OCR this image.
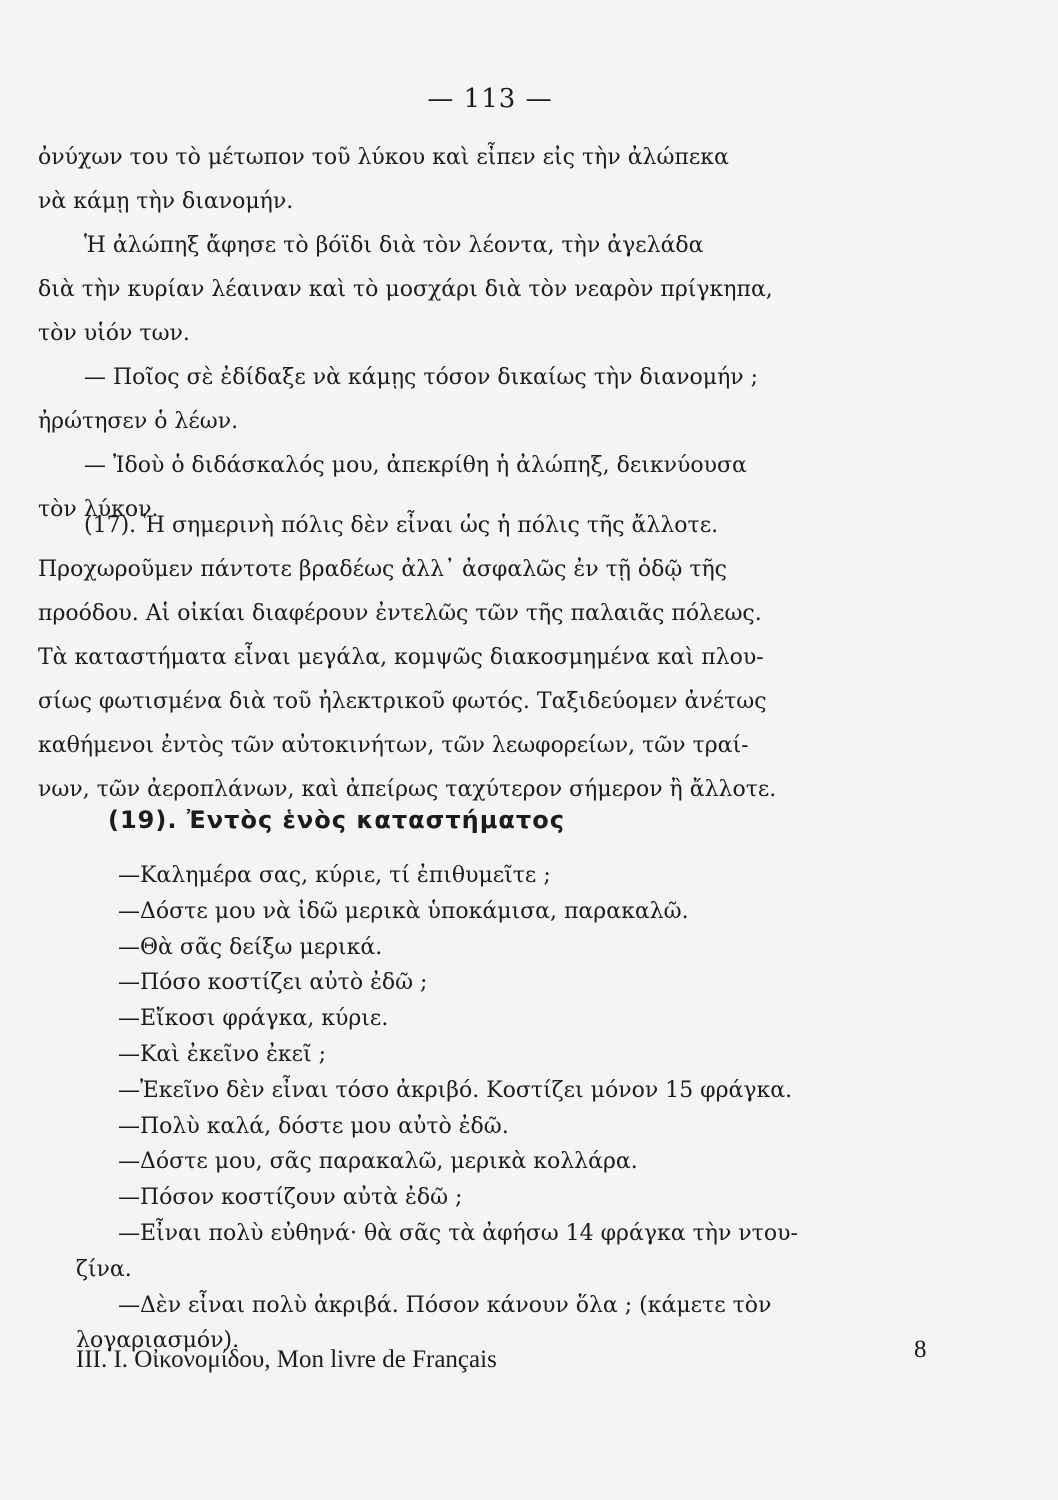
— 113 —
ὀνύχων του τὸ μέτωπον τοῦ λύκου καὶ εἶπεν εἰς τὴν ἀλώπεκα
νὰ κάμῃ τὴν διανομήν.
Ἡ ἀλώπηξ ἄφησε τὸ βόϊδι διὰ τὸν λέοντα, τὴν ἀγελάδα
διὰ τὴν κυρίαν λέαιναν καὶ τὸ μοσχάρι διὰ τὸν νεαρὸν πρίγκηπα,
τὸν υἱόν των.
— Ποῖος σὲ ἐδίδαξε νὰ κάμῃς τόσον δικαίως τὴν διανομήν ;
ἠρώτησεν ὁ λέων.
— Ἰδοὺ ὁ διδάσκαλός μου, ἀπεκρίθη ἡ ἀλώπηξ, δεικνύουσα
τὸν λύκον.
(17). Ἡ σημερινὴ πόλις δὲν εἶναι ὡς ἡ πόλις τῆς ἄλλοτε.
Προχωροῦμεν πάντοτε βραδέως ἀλλ᾽ ἀσφαλῶς ἐν τῇ ὁδῷ τῆς
προόδου. Αἱ οἰκίαι διαφέρουν ἐντελῶς τῶν τῆς παλαιᾶς πόλεως.
Τὰ καταστήματα εἶναι μεγάλα, κομψῶς διακοσμημένα καὶ πλου-
σίως φωτισμένα διὰ τοῦ ἠλεκτρικοῦ φωτός. Ταξιδεύομεν ἀνέτως
καθήμενοι ἐντὸς τῶν αὐτοκινήτων, τῶν λεωφορείων, τῶν τραί-
νων, τῶν ἀεροπλάνων, καὶ ἀπείρως ταχύτερον σήμερον ἢ ἄλλοτε.
(19). Ἐντὸς ἑνὸς καταστήματος
—Καλημέρα σας, κύριε, τί ἐπιθυμεῖτε ;
—Δόστε μου νὰ ἰδῶ μερικὰ ὑποκάμισα, παρακαλῶ.
—Θὰ σᾶς δείξω μερικά.
—Πόσο κοστίζει αὐτὸ ἐδῶ ;
—Εἴκοσι φράγκα, κύριε.
—Καὶ ἐκεῖνο ἐκεῖ ;
—Ἐκεῖνο δὲν εἶναι τόσο ἀκριβό. Κοστίζει μόνον 15 φράγκα.
—Πολὺ καλά, δόστε μου αὐτὸ ἐδῶ.
—Δόστε μου, σᾶς παρακαλῶ, μερικὰ κολλάρα.
—Πόσον κοστίζουν αὐτὰ ἐδῶ ;
—Εἶναι πολὺ εὐθηνά· θὰ σᾶς τὰ ἀφήσω 14 φράγκα τὴν ντου-
ζίνα.
—Δὲν εἶναι πολὺ ἀκριβά. Πόσον κάνουν ὅλα ; (κάμετε τὸν
λογαριασμόν).
III. I. Οἰκονομίδου, Mon livre de Français	8
